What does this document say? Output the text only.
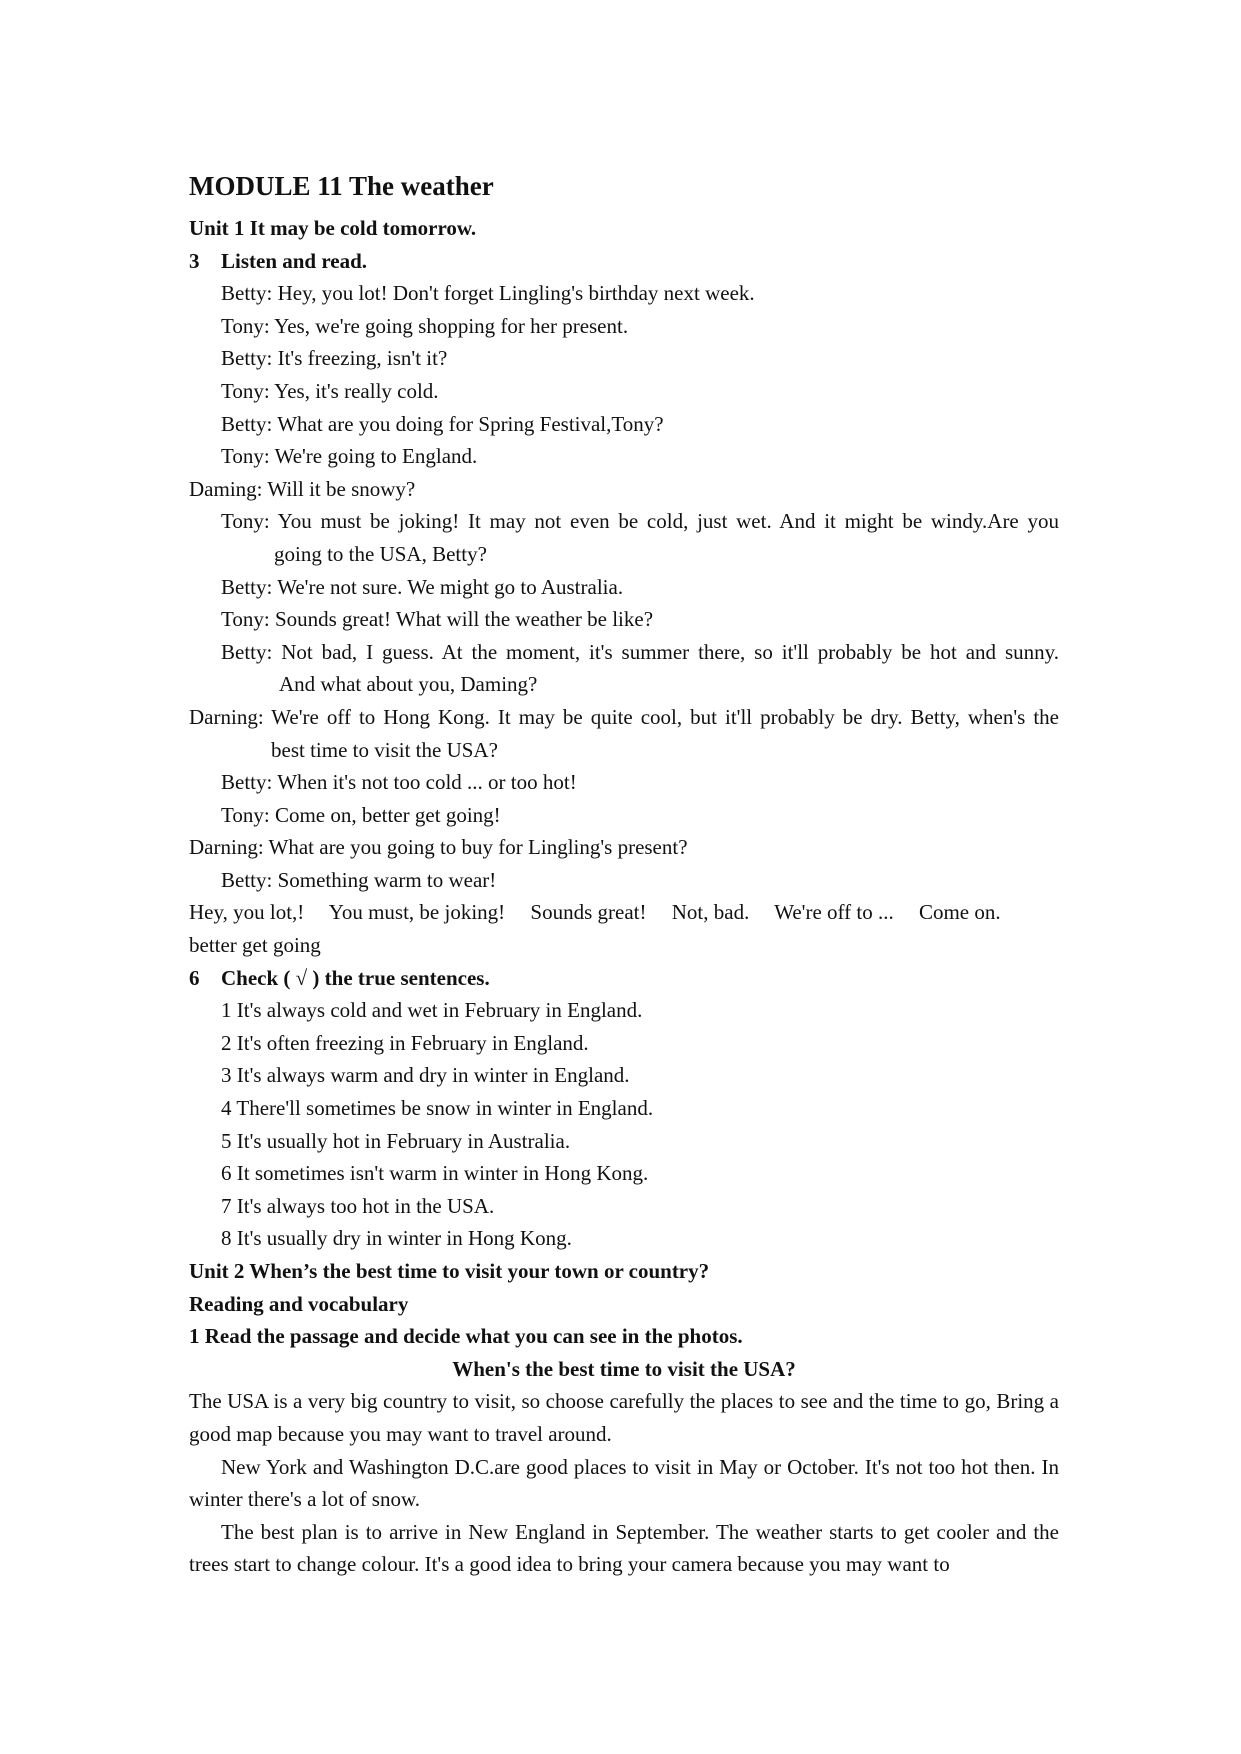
MODULE 11 The weather
Unit 1 It may be cold tomorrow.
3 Listen and read.
Betty: Hey, you lot! Don't forget Lingling's birthday next week.
Tony: Yes, we're going shopping for her present.
Betty: It's freezing, isn't it?
Tony: Yes, it's really cold.
Betty: What are you doing for Spring Festival,Tony?
Tony: We're going to England.
Daming: Will it be snowy?
Tony: You must be joking! It may not even be cold, just wet. And it might be windy.Are you
going to the USA, Betty?
Betty: We're not sure. We might go to Australia.
Tony: Sounds great! What will the weather be like?
Betty: Not bad, I guess. At the moment, it's summer there, so it'll probably be hot and sunny.
And what about you, Daming?
Darning: We're off to Hong Kong. It may be quite cool, but it'll probably be dry. Betty, when's the
best time to visit the USA?
Betty: When it's not too cold ... or too hot!
Tony: Come on, better get going!
Darning: What are you going to buy for Lingling's present?
Betty: Something warm to wear!
Hey, you lot,! You must, be joking! Sounds great! Not, bad. We're off to ... Come on.
better get going
6 Check ( √ ) the true sentences.
1 It's always cold and wet in February in England.
2 It's often freezing in February in England.
3 It's always warm and dry in winter in England.
4 There'll sometimes be snow in winter in England.
5 It's usually hot in February in Australia.
6 It sometimes isn't warm in winter in Hong Kong.
7 It's always too hot in the USA.
8 It's usually dry in winter in Hong Kong.
Unit 2 When’s the best time to visit your town or country?
Reading and vocabulary
1 Read the passage and decide what you can see in the photos.
When's the best time to visit the USA?
The USA is a very big country to visit, so choose carefully the places to see and the time to go, Bring a good map because you may want to travel around.
New York and Washington D.C.are good places to visit in May or October. It's not too hot then. In winter there's a lot of snow.
The best plan is to arrive in New England in September. The weather starts to get cooler and the trees start to change colour. It's a good idea to bring your camera because you may want to
